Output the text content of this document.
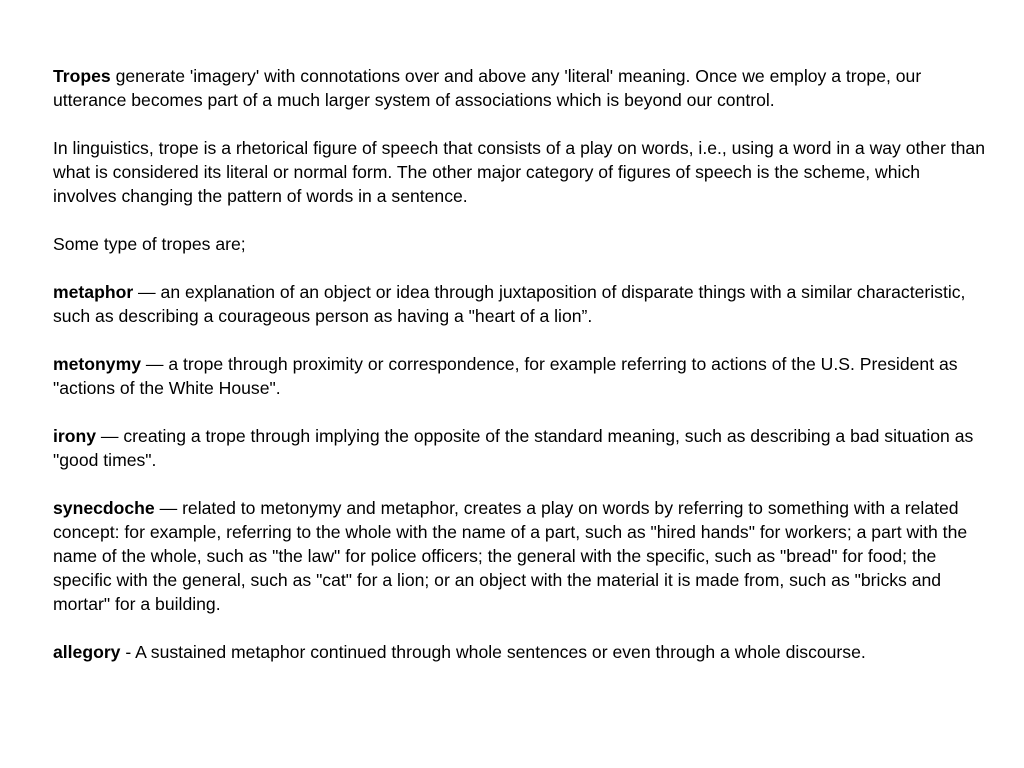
Tropes generate 'imagery' with connotations over and above any 'literal' meaning. Once we employ a trope, our utterance becomes part of a much larger system of associations which is beyond our control.

In linguistics, trope is a rhetorical figure of speech that consists of a play on words, i.e., using a word in a way other than what is considered its literal or normal form. The other major category of figures of speech is the scheme, which involves changing the pattern of words in a sentence.

Some type of tropes are;

metaphor — an explanation of an object or idea through juxtaposition of disparate things with a similar characteristic, such as describing a courageous person as having a "heart of a lion”.

metonymy — a trope through proximity or correspondence, for example referring to actions of the U.S. President as "actions of the White House".

irony — creating a trope through implying the opposite of the standard meaning, such as describing a bad situation as "good times".

synecdoche — related to metonymy and metaphor, creates a play on words by referring to something with a related concept: for example, referring to the whole with the name of a part, such as "hired hands" for workers; a part with the name of the whole, such as "the law" for police officers; the general with the specific, such as "bread" for food; the specific with the general, such as "cat" for a lion; or an object with the material it is made from, such as "bricks and mortar" for a building.

allegory - A sustained metaphor continued through whole sentences or even through a whole discourse.
